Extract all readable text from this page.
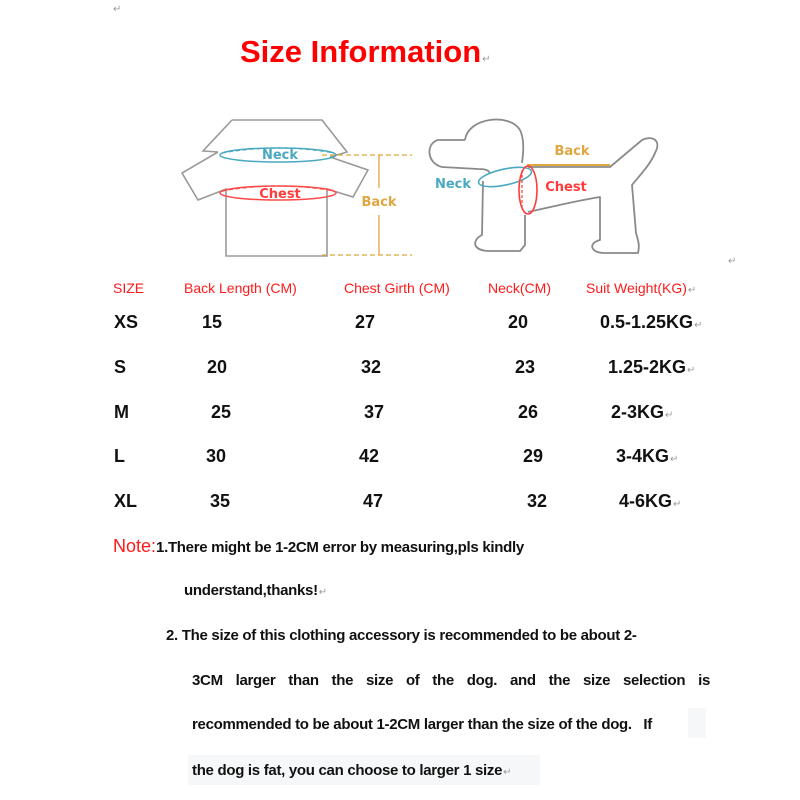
↵
↵
Size Information↵
Neck
Chest
Back
Back
Neck	Chest
SIZE	Back Length (CM)	Chest Girth (CM)	Neck(CM)	Suit Weight(KG)↵
XS	15	27	20	0.5-1.25KG↵
S	20	32	23	1.25-2KG↵
M	25	37	26	2-3KG↵
L	30	42	29	3-4KG↵
XL	35	47	32	4-6KG↵
Note:1.There might be 1-2CM error by measuring,pls kindly
understand,thanks!↵
2. The size of this clothing accessory is recommended to be about 2-
3CM larger than the size of the dog. and the size selection is
recommended to be about 1-2CM larger than the size of the dog.   If
the dog is fat, you can choose to larger 1 size↵
